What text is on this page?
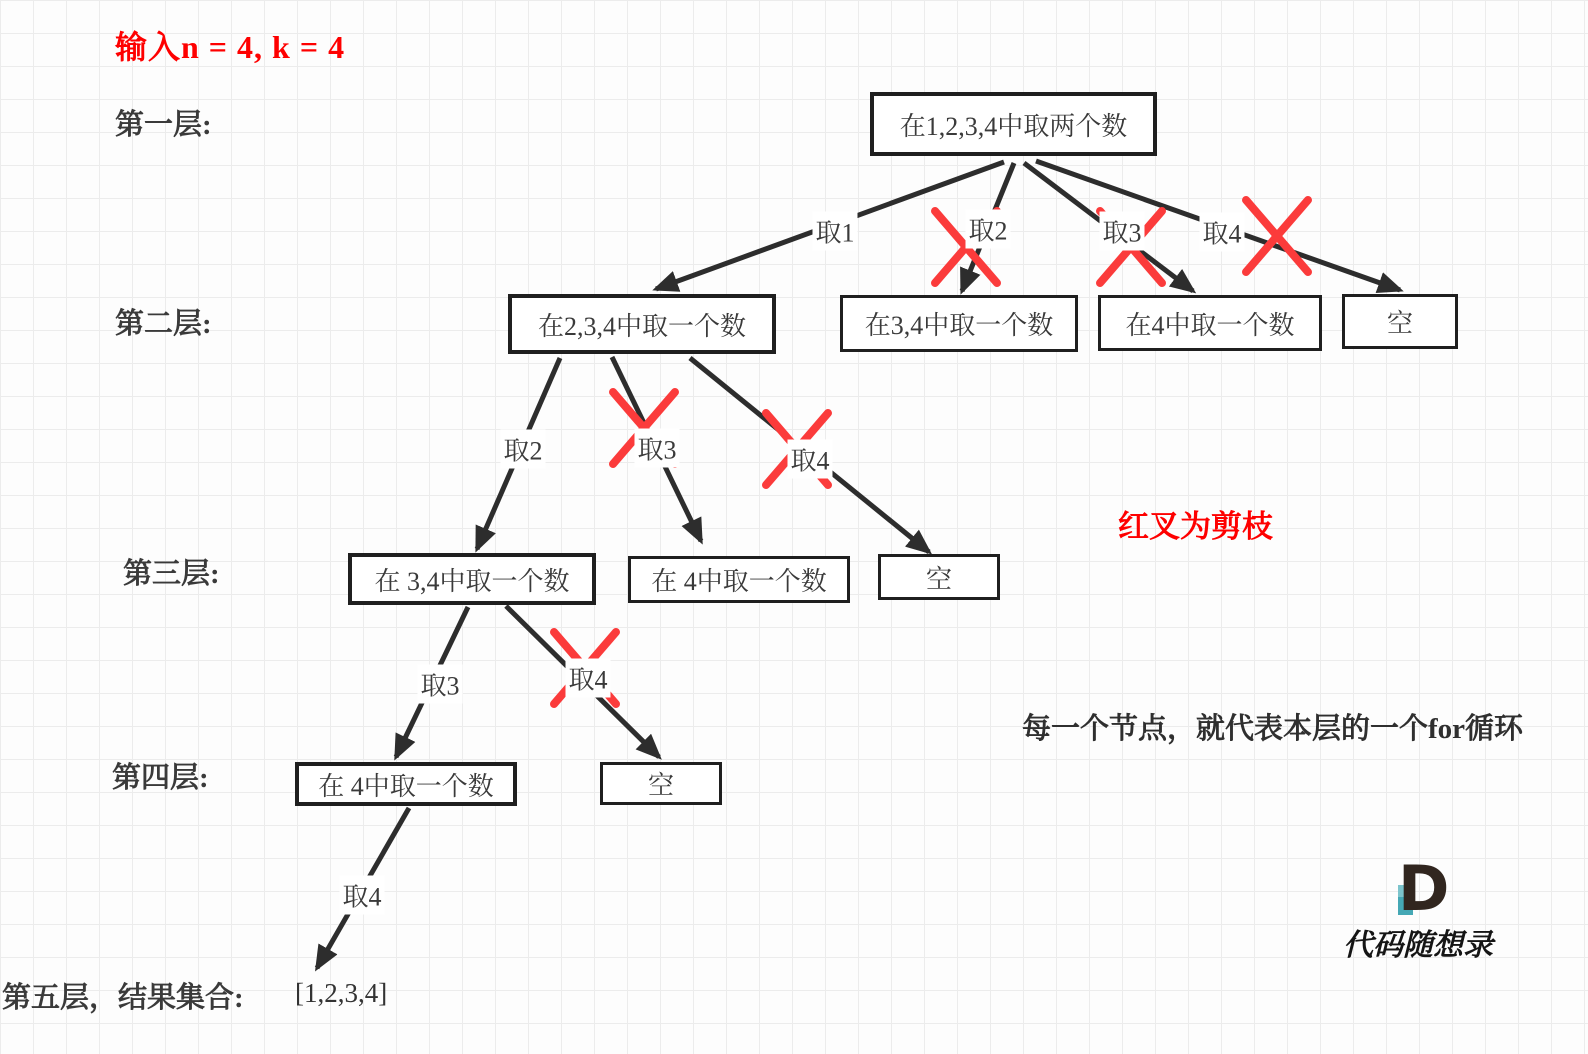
输入n = 4, k = 4
第一层:
第二层:
第三层:
第四层:
第五层，结果集合:
在1,2,3,4中取两个数
在2,3,4中取一个数	在3,4中取一个数	在4中取一个数	空
在 3,4中取一个数	在 4中取一个数	空
在 4中取一个数	空
取1	取2	取3 取4
取2	取3	取4
取3	取4
取4
[1,2,3,4]
红叉为剪枝
每一个节点，就代表本层的一个for循环
D
代码随想录
